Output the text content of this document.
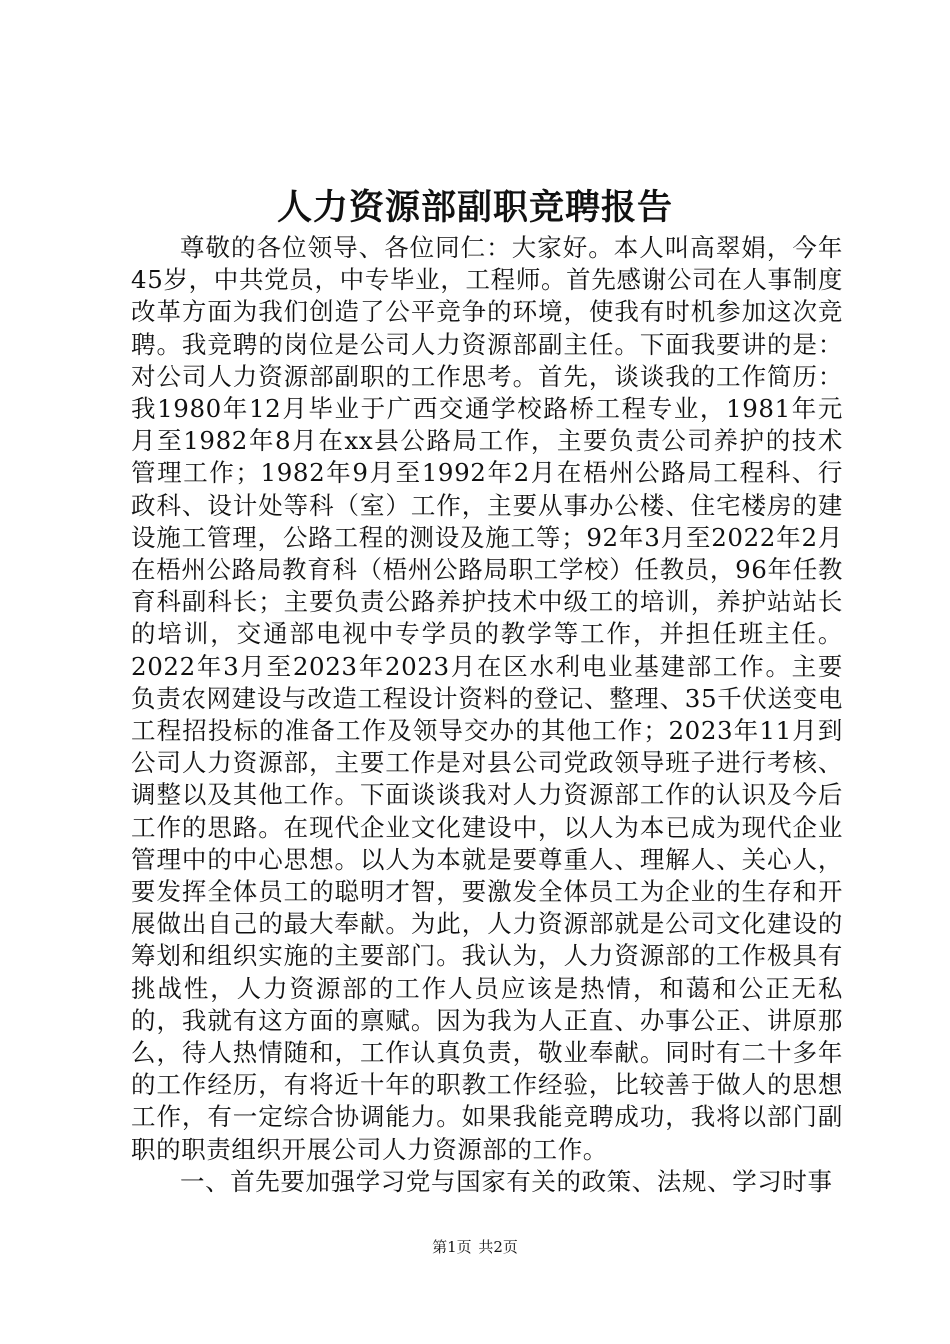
人力资源部副职竞聘报告

尊敬的各位领导、各位同仁：大家好。本人叫高翠娟，今年45岁，中共党员，中专毕业，工程师。首先感谢公司在人事制度改革方面为我们创造了公平竞争的环境，使我有时机参加这次竞聘。我竞聘的岗位是公司人力资源部副主任。下面我要讲的是：对公司人力资源部副职的工作思考。首先，谈谈我的工作简历：我1980年12月毕业于广西交通学校路桥工程专业，1981年元月至1982年8月在xx县公路局工作，主要负责公司养护的技术管理工作；1982年9月至1992年2月在梧州公路局工程科、行政科、设计处等科（室）工作，主要从事办公楼、住宅楼房的建设施工管理，公路工程的测设及施工等；92年3月至2022年2月在梧州公路局教育科（梧州公路局职工学校）任教员，96年任教育科副科长；主要负责公路养护技术中级工的培训，养护站站长的培训，交通部电视中专学员的教学等工作，并担任班主任。2022年3月至2023年2023月在区水利电业基建部工作。主要负责农网建设与改造工程设计资料的登记、整理、35千伏送变电工程招投标的准备工作及领导交办的其他工作；2023年11月到公司人力资源部，主要工作是对县公司党政领导班子进行考核、调整以及其他工作。下面谈谈我对人力资源部工作的认识及今后工作的思路。在现代企业文化建设中，以人为本已成为现代企业管理中的中心思想。以人为本就是要尊重人、理解人、关心人，要发挥全体员工的聪明才智，要激发全体员工为企业的生存和开展做出自己的最大奉献。为此，人力资源部就是公司文化建设的筹划和组织实施的主要部门。我认为，人力资源部的工作极具有挑战性，人力资源部的工作人员应该是热情，和蔼和公正无私的，我就有这方面的禀赋。因为我为人正直、办事公正、讲原那么，待人热情随和，工作认真负责，敬业奉献。同时有二十多年的工作经历，有将近十年的职教工作经验，比较善于做人的思想工作，有一定综合协调能力。如果我能竞聘成功，我将以部门副职的职责组织开展公司人力资源部的工作。

一、首先要加强学习党与国家有关的政策、法规、学习时事

第1页 共2页
